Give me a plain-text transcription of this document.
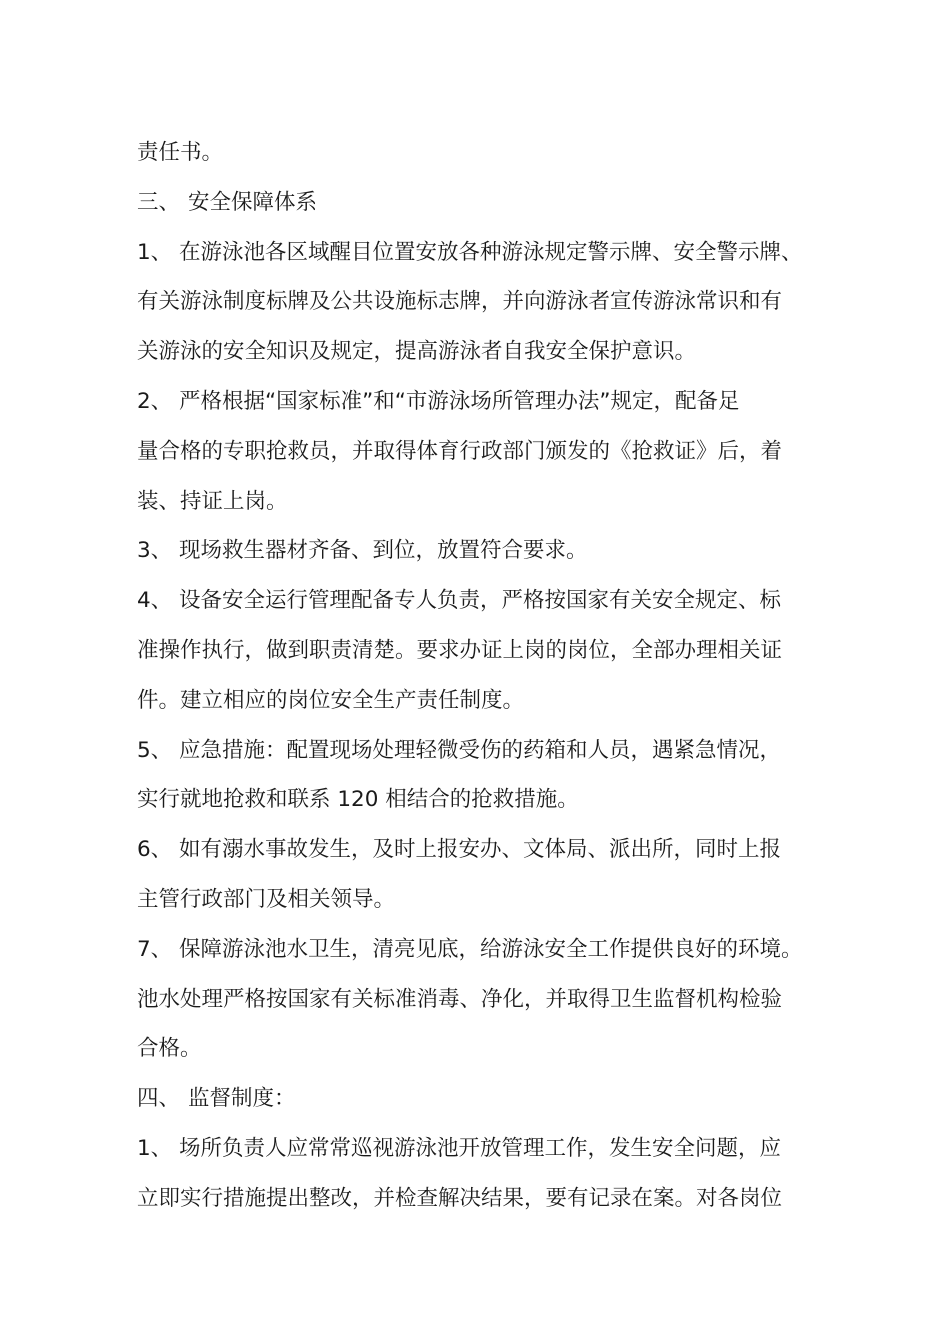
责任书。
三、 安全保障体系
1、 在游泳池各区域醒目位置安放各种游泳规定警示牌、安全警示牌、
有关游泳制度标牌及公共设施标志牌，并向游泳者宣传游泳常识和有
关游泳的安全知识及规定，提高游泳者自我安全保护意识。
2、 严格根据“国家标准”和“市游泳场所管理办法”规定，配备足
量合格的专职抢救员，并取得体育行政部门颁发的《抢救证》后，着
装、持证上岗。
3、 现场救生器材齐备、到位，放置符合要求。
4、 设备安全运行管理配备专人负责，严格按国家有关安全规定、标
准操作执行，做到职责清楚。要求办证上岗的岗位，全部办理相关证
件。建立相应的岗位安全生产责任制度。
5、 应急措施：配置现场处理轻微受伤的药箱和人员，遇紧急情况，
实行就地抢救和联系 120 相结合的抢救措施。
6、 如有溺水事故发生，及时上报安办、文体局、派出所，同时上报
主管行政部门及相关领导。
7、 保障游泳池水卫生，清亮见底，给游泳安全工作提供良好的环境。
池水处理严格按国家有关标准消毒、净化，并取得卫生监督机构检验
合格。
四、 监督制度：
1、 场所负责人应常常巡视游泳池开放管理工作，发生安全问题，应
立即实行措施提出整改，并检查解决结果，要有记录在案。对各岗位
